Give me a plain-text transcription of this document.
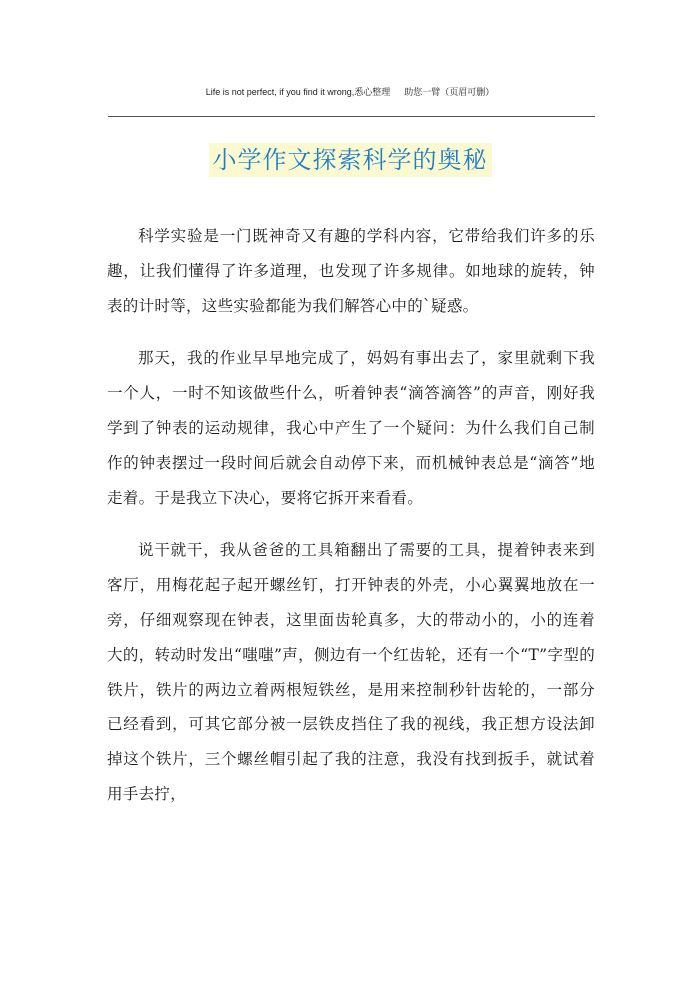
Life is not perfect, if you find it wrong,悉心整理 助您一臂（页眉可删）
小学作文探索科学的奥秘

科学实验是一门既神奇又有趣的学科内容，它带给我们许多的乐趣，让我们懂得了许多道理，也发现了许多规律。如地球的旋转，钟表的计时等，这些实验都能为我们解答心中的`疑惑。

那天，我的作业早早地完成了，妈妈有事出去了，家里就剩下我一个人，一时不知该做些什么，听着钟表“滴答滴答”的声音，刚好我学到了钟表的运动规律，我心中产生了一个疑问：为什么我们自己制作的钟表摆过一段时间后就会自动停下来，而机械钟表总是“滴答”地走着。于是我立下决心，要将它拆开来看看。

说干就干，我从爸爸的工具箱翻出了需要的工具，提着钟表来到客厅，用梅花起子起开螺丝钉，打开钟表的外壳，小心翼翼地放在一旁，仔细观察现在钟表，这里面齿轮真多，大的带动小的，小的连着大的，转动时发出“嗤嗤”声，侧边有一个红齿轮，还有一个“T”字型的铁片，铁片的两边立着两根短铁丝，是用来控制秒针齿轮的，一部分已经看到，可其它部分被一层铁皮挡住了我的视线，我正想方设法卸掉这个铁片，三个螺丝帽引起了我的注意，我没有找到扳手，就试着用手去拧，
